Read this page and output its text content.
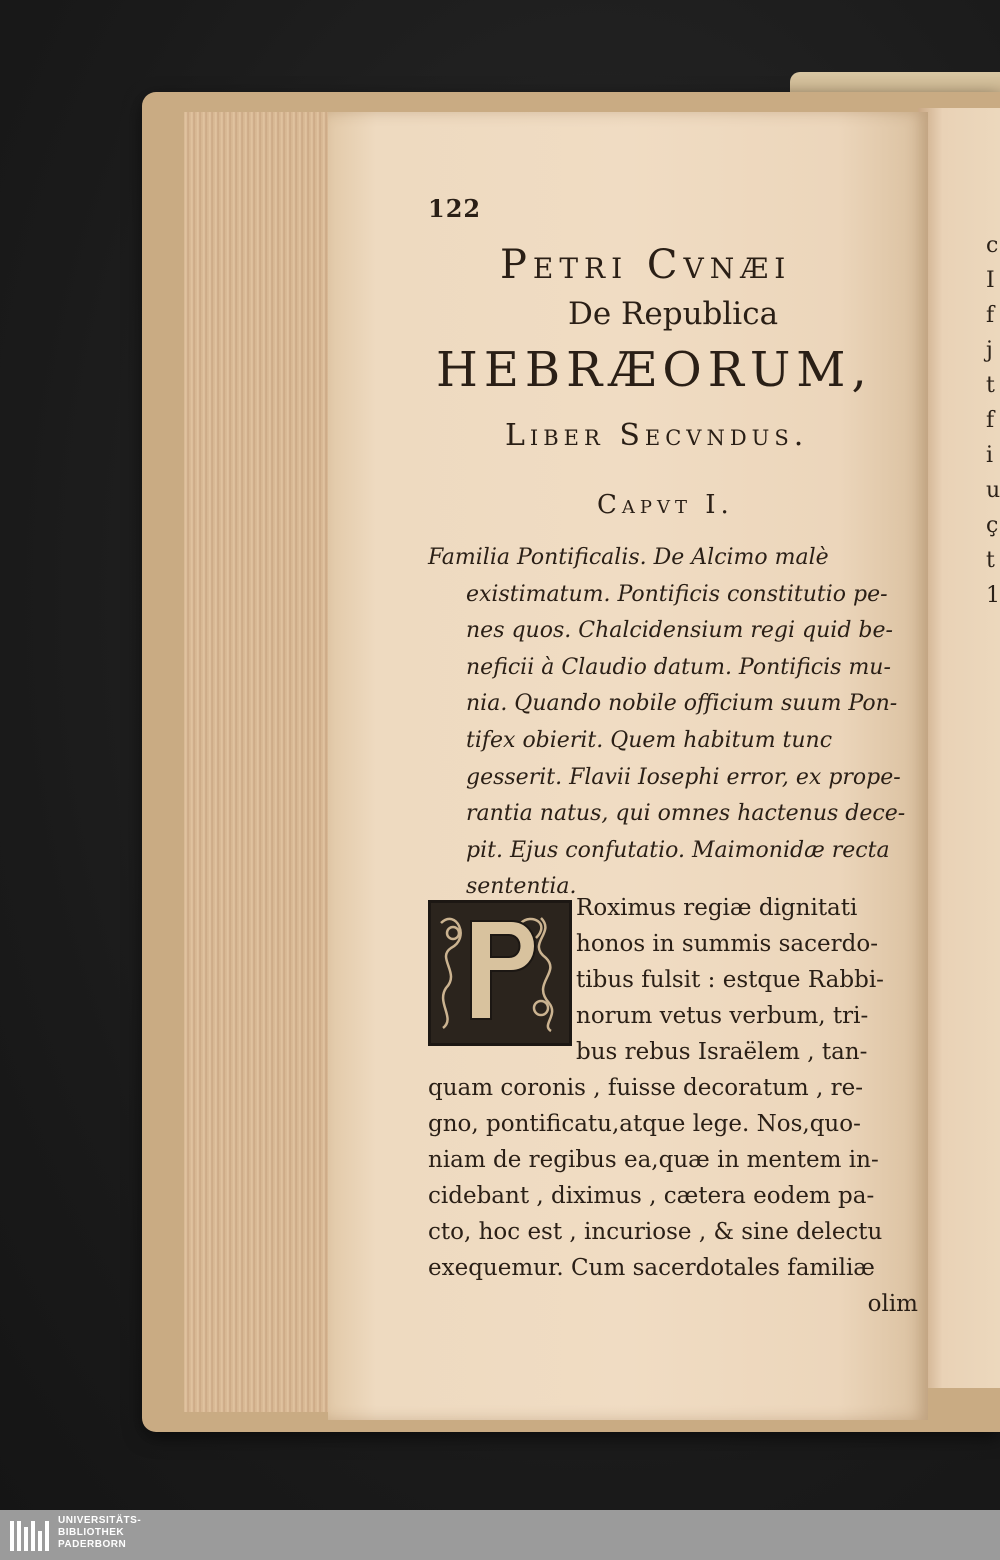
c
I
f
j
t
f
i
u
ç
t
1
122
Petri Cvnæi
De Republica
HEBRÆORUM,
Liber Secvndus.
Capvt I.
Familia Pontificalis. De Alcimo malè
existimatum. Pontificis constitutio pe-
nes quos. Chalcidensium regi quid be-
neficii à Claudio datum. Pontificis mu-
nia. Quando nobile officium suum Pon-
tifex obierit. Quem habitum tunc
gesserit. Flavii Iosephi error, ex prope-
rantia natus, qui omnes hactenus dece-
pit. Ejus confutatio. Maimonidæ recta
sententia.
Roximus regiæ dignitati
honos in summis sacerdo-
tibus fulsit : estque Rabbi-
norum vetus verbum, tri-
bus rebus Israëlem , tan-
quam coronis , fuisse decoratum , re-
gno, pontificatu,atque lege. Nos,quo-
niam de regibus ea,quæ in mentem in-
cidebant , diximus , cætera eodem pa-
cto, hoc est , incuriose , & sine delectu
exequemur. Cum sacerdotales familiæ
olim
UNIVERSITÄTS-
BIBLIOTHEK
PADERBORN
